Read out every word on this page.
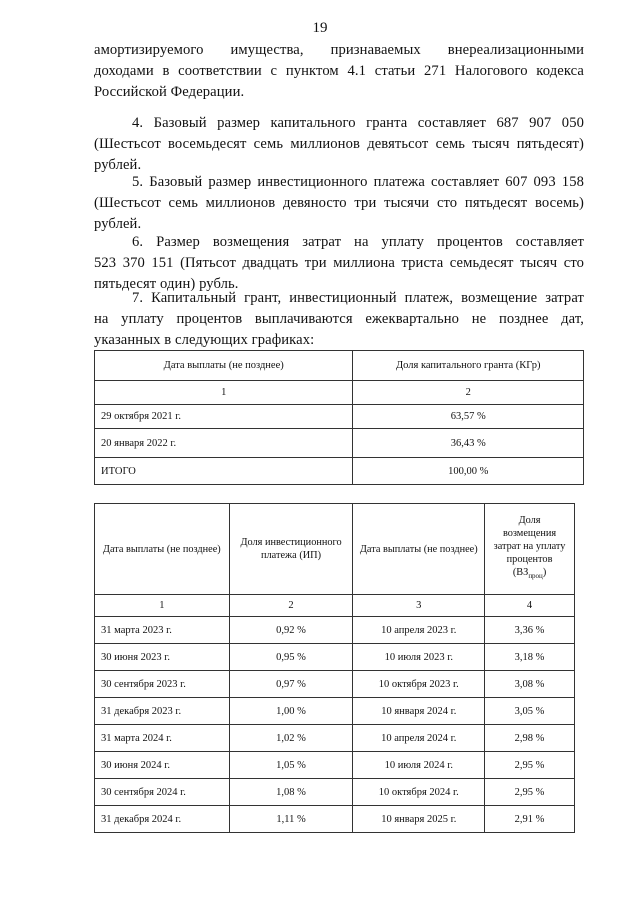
19
амортизируемого имущества, признаваемых внереализационными
доходами в соответствии с пунктом 4.1 статьи 271 Налогового кодекса
Российской Федерации.
4. Базовый размер капитального гранта составляет 687 907 050
(Шестьсот восемьдесят семь миллионов девятьсот семь тысяч пятьдесят)
рублей.
5. Базовый размер инвестиционного платежа составляет 607 093 158
(Шестьсот семь миллионов девяносто три тысячи сто пятьдесят восемь)
рублей.
6. Размер возмещения затрат на уплату процентов составляет
523 370 151 (Пятьсот двадцать три миллиона триста семьдесят тысяч сто
пятьдесят один) рубль.
7. Капитальный грант, инвестиционный платеж, возмещение затрат
на уплату процентов выплачиваются ежеквартально не позднее дат,
указанных в следующих графиках:
Дата выплаты (не позднее)	Доля капитального гранта (КГр)
1	2
29 октября 2021 г.	63,57 %
20 января 2022 г.	36,43 %
ИТОГО	100,00 %
Дата выплаты (не позднее)	Доля инвестиционного платежа (ИП)	Дата выплаты (не позднее)	Доля возмещения затрат на уплату процентов $(ВЗ_{проц})$
1	2	3	4
31 марта 2023 г.	0,92 %	10 апреля 2023 г.	3,36 %
30 июня 2023 г.	0,95 %	10 июля 2023 г.	3,18 %
30 сентября 2023 г.	0,97 %	10 октября 2023 г.	3,08 %
31 декабря 2023 г.	1,00 %	10 января 2024 г.	3,05 %
31 марта 2024 г.	1,02 %	10 апреля 2024 г.	2,98 %
30 июня 2024 г.	1,05 %	10 июля 2024 г.	2,95 %
30 сентября 2024 г.	1,08 %	10 октября 2024 г.	2,95 %
31 декабря 2024 г.	1,11 %	10 января 2025 г.	2,91 %
